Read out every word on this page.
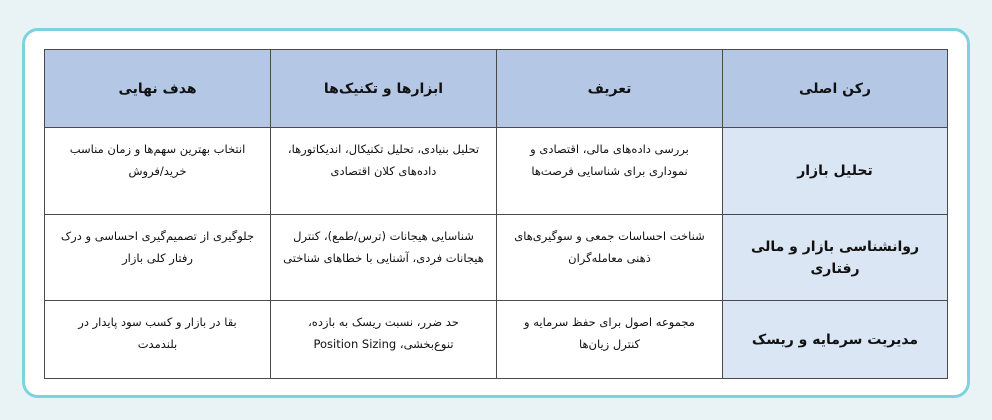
رکن اصلی	تعریف	ابزارها و تکنیک‌ها	هدف نهایی
تحلیل بازار	بررسی داده‌های مالی، اقتصادی و نموداری برای شناسایی فرصت‌ها	تحلیل بنیادی، تحلیل تکنیکال، اندیکاتورها، داده‌های کلان اقتصادی	انتخاب بهترین سهم‌ها و زمان مناسب خرید/فروش
روانشناسی بازار و مالی رفتاری	شناخت احساسات جمعی و سوگیری‌های ذهنی معامله‌گران	شناسایی هیجانات (ترس/طمع)، کنترل هیجانات فردی، آشنایی با خطاهای شناختی	جلوگیری از تصمیم‌گیری احساسی و درک رفتار کلی بازار
مدیریت سرمایه و ریسک	مجموعه اصول برای حفظ سرمایه و کنترل زیان‌ها	حد ضرر، نسبت ریسک به بازده، تنوع‌بخشی، Position Sizing	بقا در بازار و کسب سود پایدار در بلندمدت
